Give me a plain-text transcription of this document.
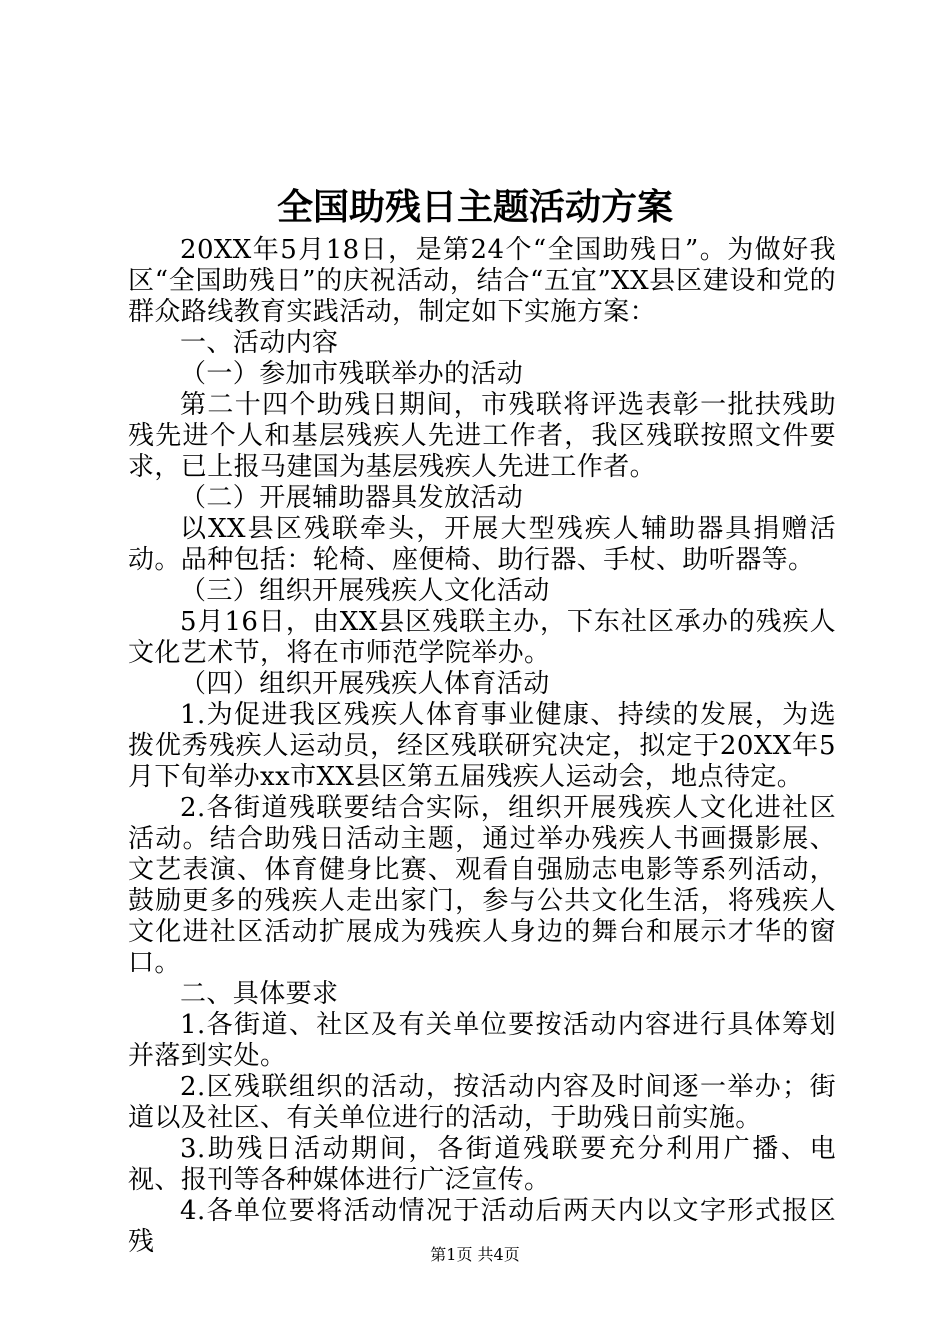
全国助残日主题活动方案

20XX年5月18日，是第24个“全国助残日”。为做好我区“全国助残日”的庆祝活动，结合“五宜”XX县区建设和党的群众路线教育实践活动，制定如下实施方案：

一、活动内容

（一）参加市残联举办的活动

第二十四个助残日期间，市残联将评选表彰一批扶残助残先进个人和基层残疾人先进工作者，我区残联按照文件要求，已上报马建国为基层残疾人先进工作者。

（二）开展辅助器具发放活动

以XX县区残联牵头，开展大型残疾人辅助器具捐赠活动。品种包括：轮椅、座便椅、助行器、手杖、助听器等。

（三）组织开展残疾人文化活动

5月16日，由XX县区残联主办，下东社区承办的残疾人文化艺术节，将在市师范学院举办。

（四）组织开展残疾人体育活动

1.为促进我区残疾人体育事业健康、持续的发展，为选拨优秀残疾人运动员，经区残联研究决定，拟定于20XX年5月下旬举办xx市XX县区第五届残疾人运动会，地点待定。

2.各街道残联要结合实际，组织开展残疾人文化进社区活动。结合助残日活动主题，通过举办残疾人书画摄影展、文艺表演、体育健身比赛、观看自强励志电影等系列活动，鼓励更多的残疾人走出家门，参与公共文化生活，将残疾人文化进社区活动扩展成为残疾人身边的舞台和展示才华的窗口。

二、具体要求

1.各街道、社区及有关单位要按活动内容进行具体筹划并落到实处。

2.区残联组织的活动，按活动内容及时间逐一举办；街道以及社区、有关单位进行的活动，于助残日前实施。

3.助残日活动期间，各街道残联要充分利用广播、电视、报刊等各种媒体进行广泛宣传。

4.各单位要将活动情况于活动后两天内以文字形式报区残	第1页 共4页
